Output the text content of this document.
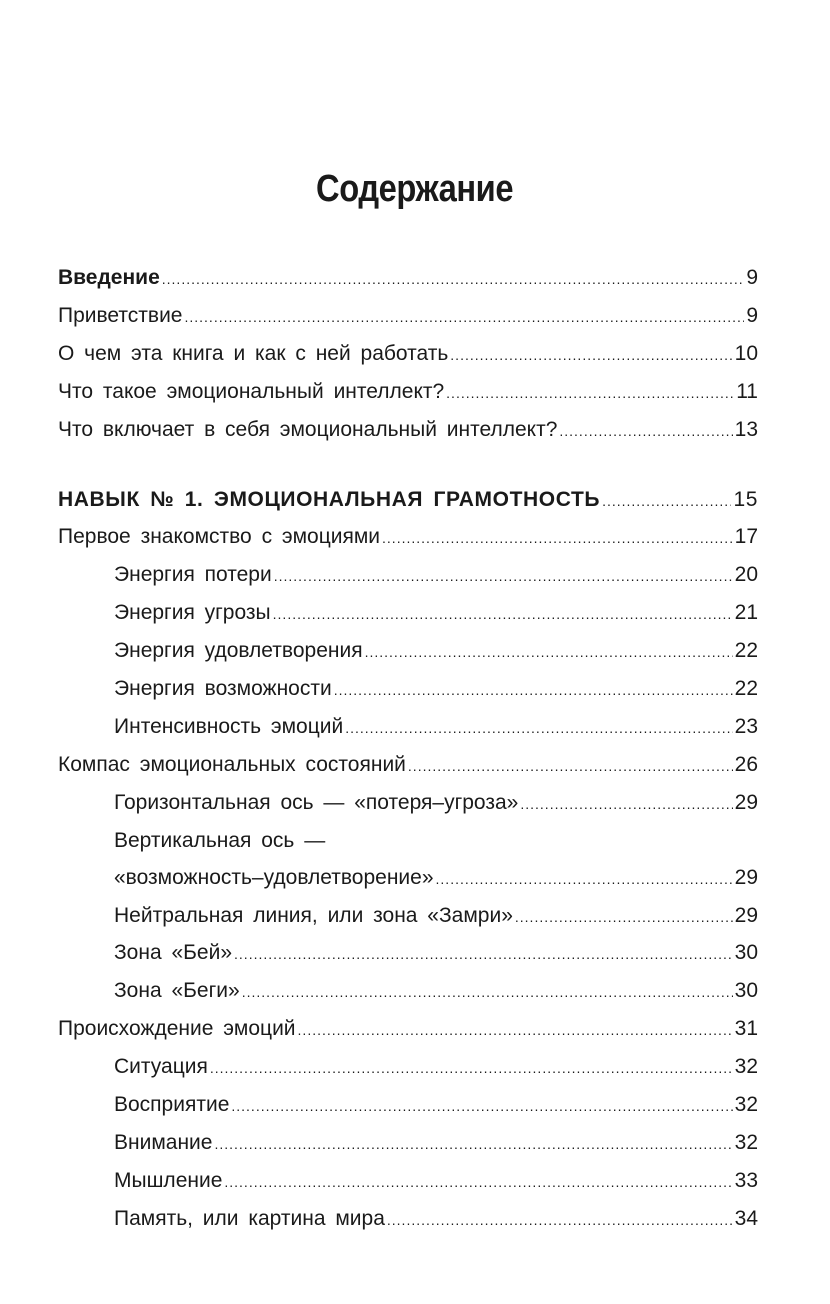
Содержание
Введение .....	9
Приветствие .....	9
О чем эта книга и как с ней работать .....	10
Что такое эмоциональный интеллект? .....	11
Что включает в себя эмоциональный интеллект? .....	13
НАВЫК № 1. ЭМОЦИОНАЛЬНАЯ ГРАМОТНОСТЬ .....	15
Первое знакомство с эмоциями .....	17
Энергия потери .....	20
Энергия угрозы .....	21
Энергия удовлетворения .....	22
Энергия возможности .....	22
Интенсивность эмоций .....	23
Компас эмоциональных состояний .....	26
Горизонтальная ось — «потеря–угроза» .....	29
Вертикальная ось —
«возможность–удовлетворение» .....	29
Нейтральная линия, или зона «Замри» .....	29
Зона «Бей» .....	30
Зона «Беги» .....	30
Происхождение эмоций .....	31
Ситуация .....	32
Восприятие .....	32
Внимание .....	32
Мышление .....	33
Память, или картина мира .....	34
